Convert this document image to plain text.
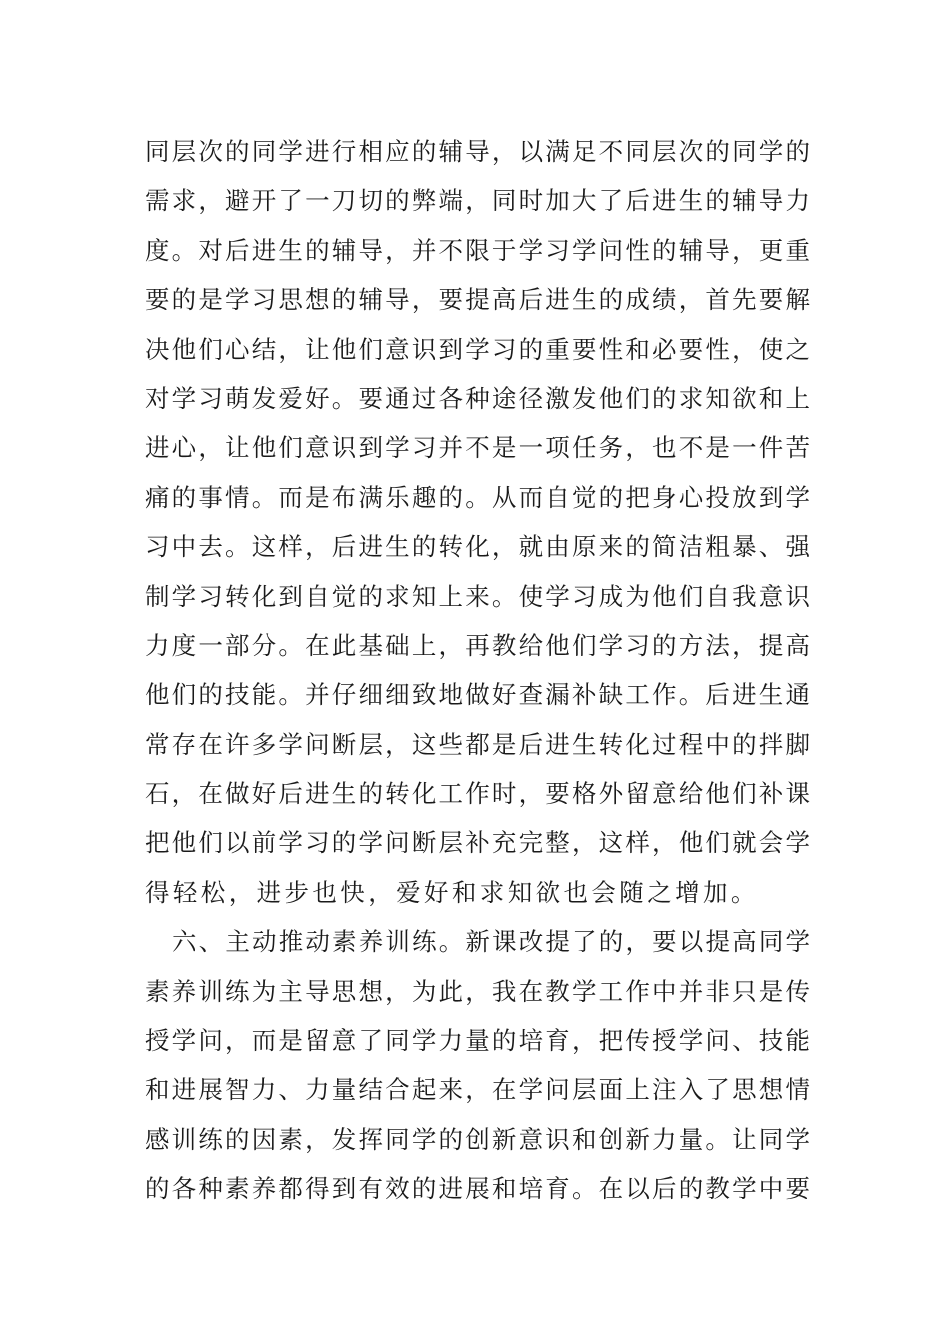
同层次的同学进行相应的辅导，以满足不同层次的同学的
需求，避开了一刀切的弊端，同时加大了后进生的辅导力
度。对后进生的辅导，并不限于学习学问性的辅导，更重
要的是学习思想的辅导，要提高后进生的成绩，首先要解
决他们心结，让他们意识到学习的重要性和必要性，使之
对学习萌发爱好。要通过各种途径激发他们的求知欲和上
进心，让他们意识到学习并不是一项任务，也不是一件苦
痛的事情。而是布满乐趣的。从而自觉的把身心投放到学
习中去。这样，后进生的转化，就由原来的简洁粗暴、强
制学习转化到自觉的求知上来。使学习成为他们自我意识
力度一部分。在此基础上，再教给他们学习的方法，提高
他们的技能。并仔细细致地做好查漏补缺工作。后进生通
常存在许多学问断层，这些都是后进生转化过程中的拌脚
石，在做好后进生的转化工作时，要格外留意给他们补课
把他们以前学习的学问断层补充完整，这样，他们就会学
得轻松，进步也快，爱好和求知欲也会随之增加。
六、主动推动素养训练。新课改提了的，要以提高同学
素养训练为主导思想，为此，我在教学工作中并非只是传
授学问，而是留意了同学力量的培育，把传授学问、技能
和进展智力、力量结合起来，在学问层面上注入了思想情
感训练的因素，发挥同学的创新意识和创新力量。让同学
的各种素养都得到有效的进展和培育。在以后的教学中要
